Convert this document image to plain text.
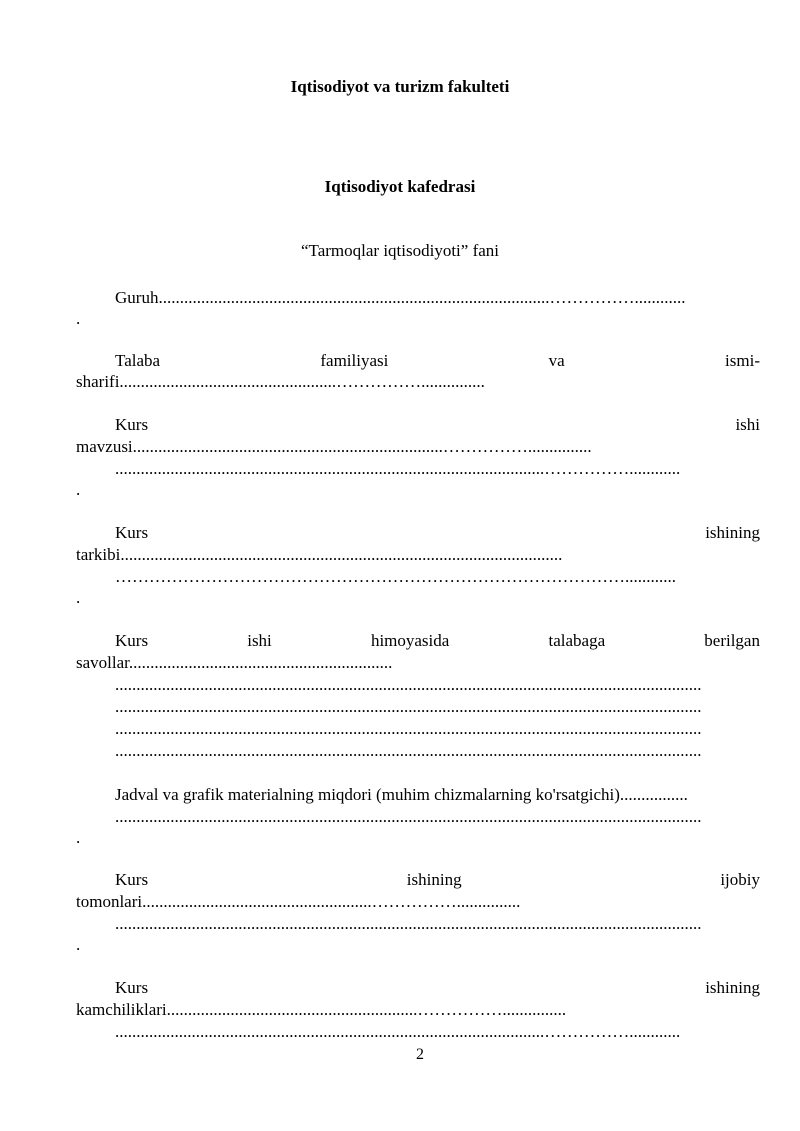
Iqtisodiyot va turizm fakulteti
Iqtisodiyot kafedrasi
“Tarmoqlar iqtisodiyoti” fani
Guruh............................................................................................……………............
.
Talaba	familiyasi	va	ismi-
sharifi...................................................……………...............
Kurs	ishi
mavzusi.........................................................................……………...............
.....................................................................................................……………............
.
Kurs	ishining
tarkibi........................................................................................................
………………………………………………………………………………............
.
Kurs	ishi	himoyasida	talabaga	berilgan
savollar..............................................................
..........................................................................................................................................
..........................................................................................................................................
..........................................................................................................................................
..........................................................................................................................................
Jadval va grafik materialning miqdori (muhim chizmalarning ko'rsatgichi)................
..........................................................................................................................................
.
Kurs	ishining	ijobiy
tomonlari......................................................……………...............
..........................................................................................................................................
.
Kurs	ishining
kamchiliklari...........................................................……………...............
.....................................................................................................……………............
2
